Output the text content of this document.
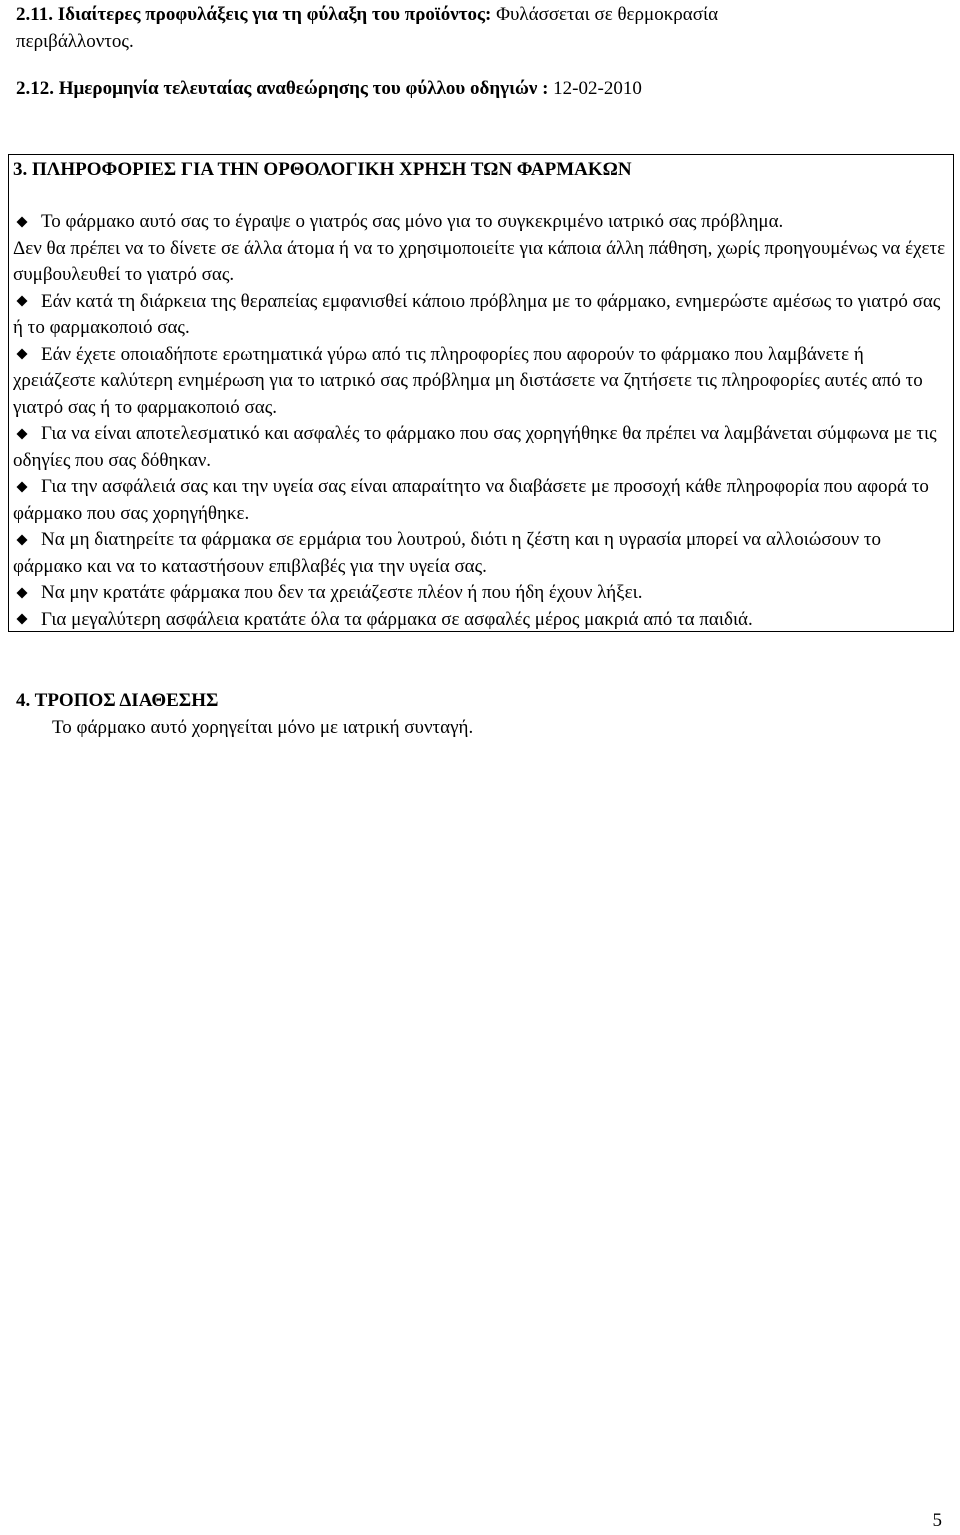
2.11. Ιδιαίτερες προφυλάξεις για τη φύλαξη του προϊόντος: Φυλάσσεται σε θερμοκρασία
περιβάλλοντος.
2.12. Ημερομηνία τελευταίας αναθεώρησης του φύλλου οδηγιών : 12-02-2010
3. ΠΛΗΡΟΦΟΡΙΕΣ ΓΙΑ ΤΗΝ ΟΡΘΟΛΟΓΙΚΗ ΧΡΗΣΗ ΤΩΝ ΦΑΡΜΑΚΩΝ
Το φάρμακο αυτό σας το έγραψε ο γιατρός σας μόνο για το συγκεκριμένο ιατρικό σας πρόβλημα.
Δεν θα πρέπει να το δίνετε σε άλλα άτομα ή να το χρησιμοποιείτε για κάποια άλλη πάθηση, χωρίς προηγουμένως να έχετε συμβουλευθεί το γιατρό σας.
Εάν κατά τη διάρκεια της θεραπείας εμφανισθεί κάποιο πρόβλημα με το φάρμακο, ενημερώστε αμέσως το γιατρό σας ή το φαρμακοποιό σας.
Εάν έχετε οποιαδήποτε ερωτηματικά γύρω από τις πληροφορίες που αφορούν το φάρμακο που λαμβάνετε ή χρειάζεστε καλύτερη ενημέρωση για το ιατρικό σας πρόβλημα μη διστάσετε να ζητήσετε τις πληροφορίες αυτές από το γιατρό σας ή το φαρμακοποιό σας.
Για να είναι αποτελεσματικό και ασφαλές το φάρμακο που σας χορηγήθηκε θα πρέπει να λαμβάνεται σύμφωνα με τις οδηγίες που σας δόθηκαν.
Για την ασφάλειά σας και την υγεία σας είναι απαραίτητο να διαβάσετε με προσοχή κάθε πληροφορία που αφορά το φάρμακο που σας χορηγήθηκε.
Να μη διατηρείτε τα φάρμακα σε ερμάρια του λουτρού, διότι η ζέστη και η υγρασία μπορεί να αλλοιώσουν το φάρμακο και να το καταστήσουν επιβλαβές για την υγεία σας.
Να μην κρατάτε φάρμακα που δεν τα χρειάζεστε πλέον ή που ήδη έχουν λήξει.
Για μεγαλύτερη ασφάλεια κρατάτε όλα τα φάρμακα σε ασφαλές μέρος μακριά από τα παιδιά.
4. ΤΡΟΠΟΣ ΔΙΑΘΕΣΗΣ
Το φάρμακο αυτό χορηγείται μόνο με ιατρική συνταγή.
5
